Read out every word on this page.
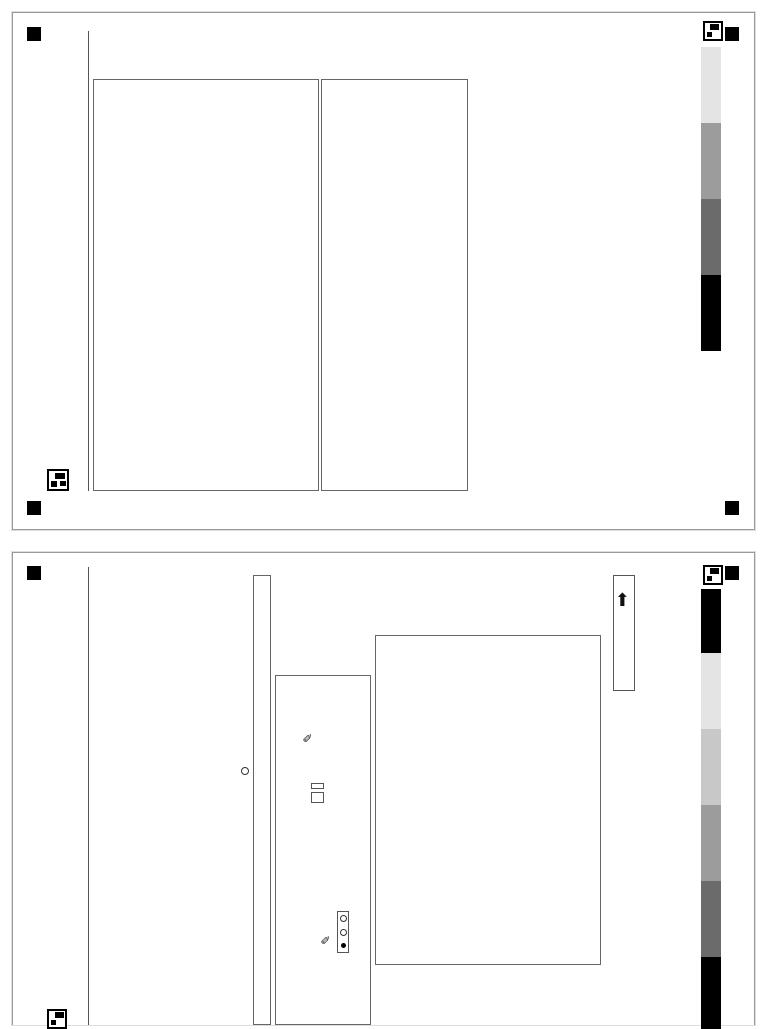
✎
✎
➡
